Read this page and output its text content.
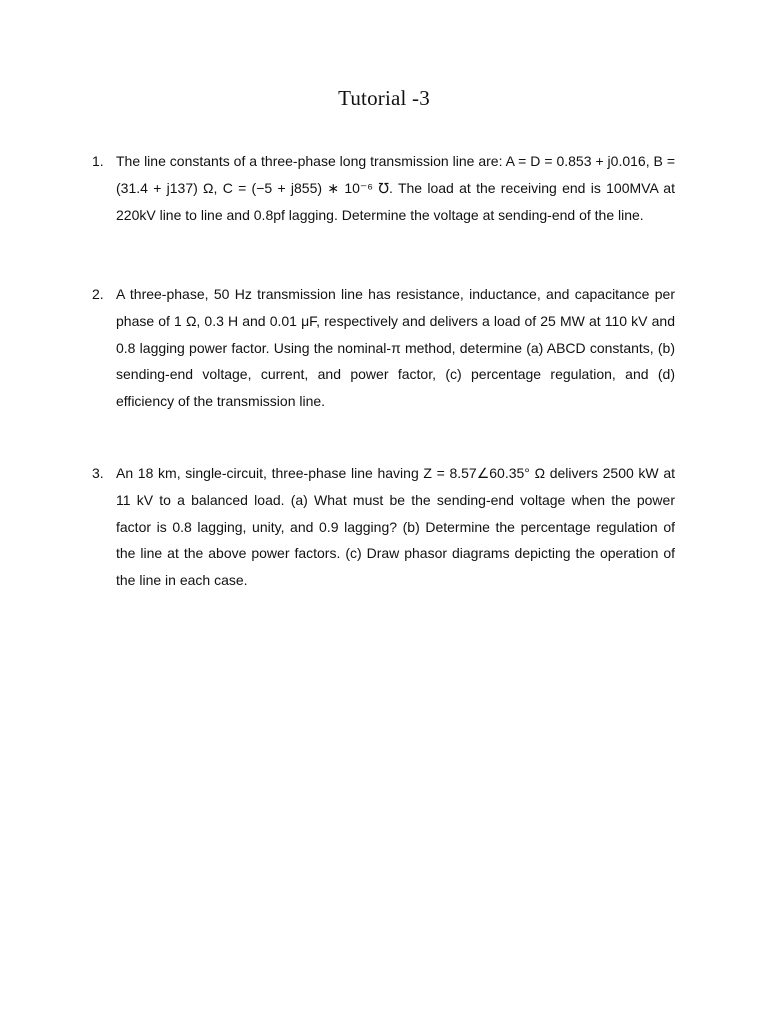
Tutorial -3
1. The line constants of a three-phase long transmission line are: A = D = 0.853 + j0.016, B = (31.4 + j137) Ω, C = (−5 + j855) ∗ 10⁻⁶ ℧. The load at the receiving end is 100MVA at 220kV line to line and 0.8pf lagging. Determine the voltage at sending-end of the line.
2. A three-phase, 50 Hz transmission line has resistance, inductance, and capacitance per phase of 1 Ω, 0.3 H and 0.01 μF, respectively and delivers a load of 25 MW at 110 kV and 0.8 lagging power factor. Using the nominal-π method, determine (a) ABCD constants, (b) sending-end voltage, current, and power factor, (c) percentage regulation, and (d) efficiency of the transmission line.
3. An 18 km, single-circuit, three-phase line having Z = 8.57∠60.35° Ω delivers 2500 kW at 11 kV to a balanced load. (a) What must be the sending-end voltage when the power factor is 0.8 lagging, unity, and 0.9 lagging? (b) Determine the percentage regulation of the line at the above power factors. (c) Draw phasor diagrams depicting the operation of the line in each case.
